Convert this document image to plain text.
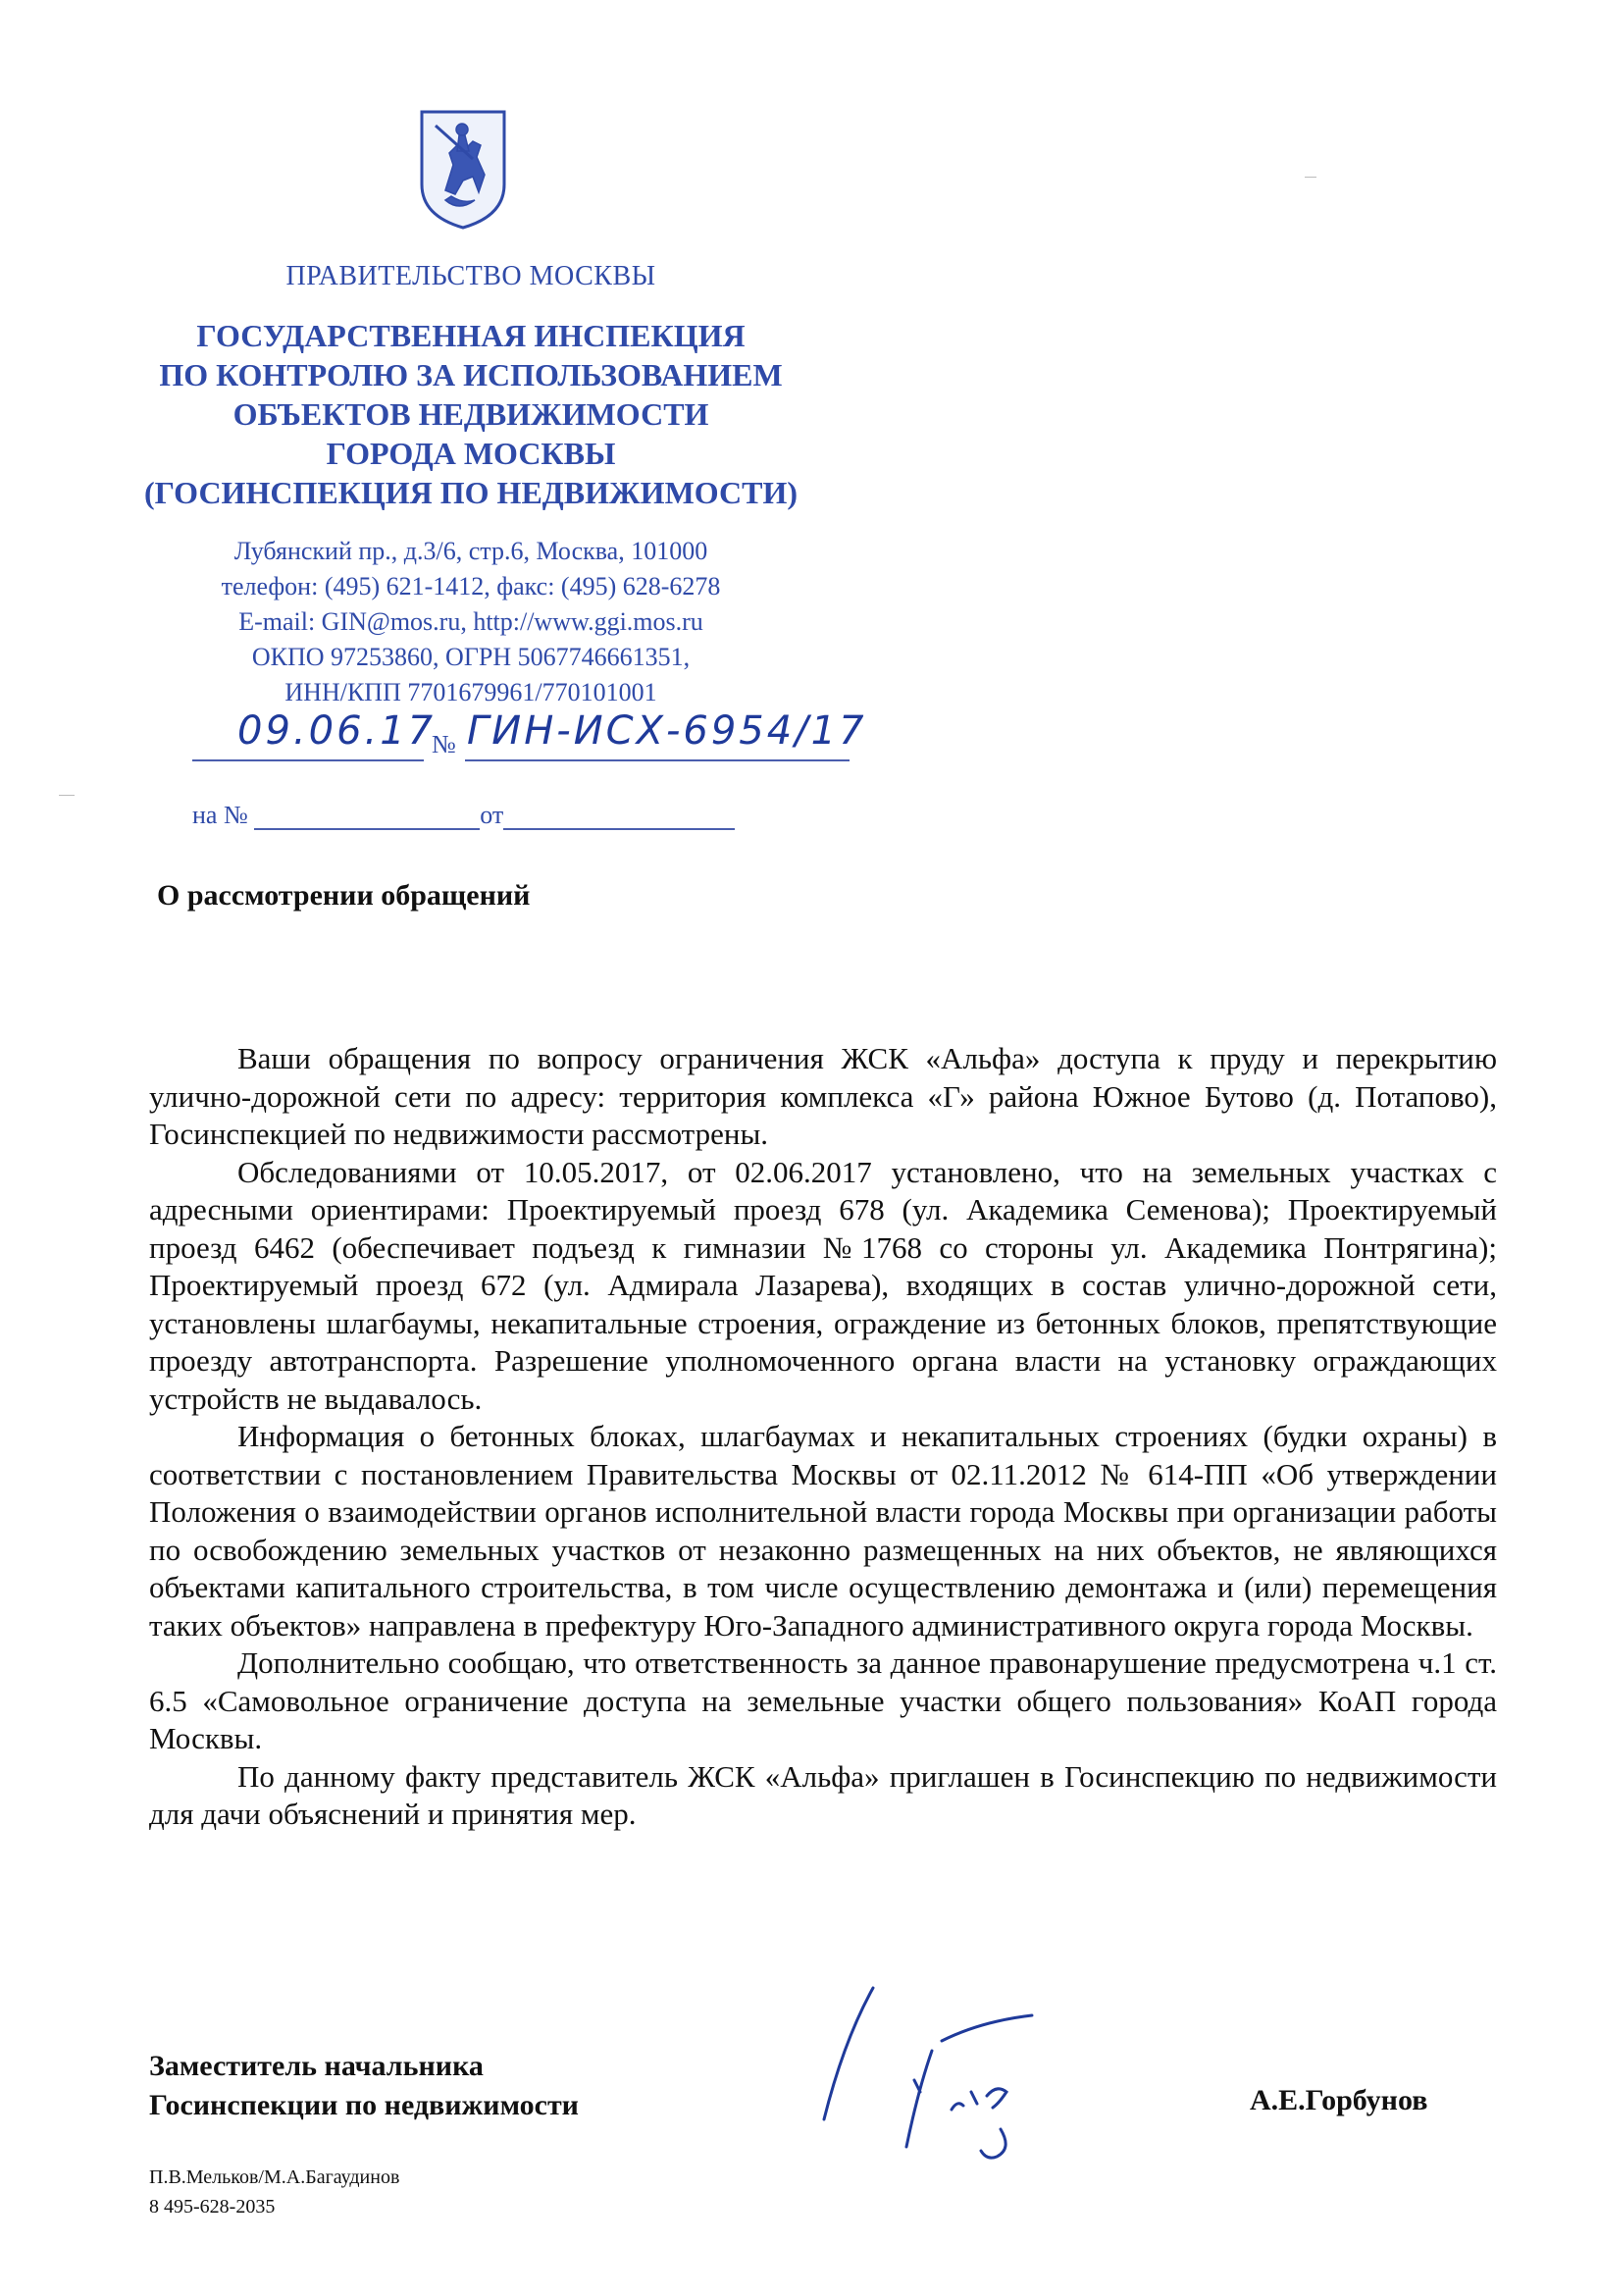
ПРАВИТЕЛЬСТВО МОСКВЫ
ГОСУДАРСТВЕННАЯ ИНСПЕКЦИЯ
ПО КОНТРОЛЮ ЗА ИСПОЛЬЗОВАНИЕМ
ОБЪЕКТОВ НЕДВИЖИМОСТИ
ГОРОДА МОСКВЫ
(ГОСИНСПЕКЦИЯ ПО НЕДВИЖИМОСТИ)
Лубянский пр., д.3/6, стр.6, Москва, 101000
телефон: (495) 621-1412, факс: (495) 628-6278
E-mail: GIN@mos.ru, http://www.ggi.mos.ru
ОКПО 97253860, ОГРН 5067746661351,
ИНН/КПП 7701679961/770101001
09.06.17
№ ГИН-ИСХ-6954/17
на №	от
О рассмотрении обращений

Ваши обращения по вопросу ограничения ЖСК «Альфа» доступа к пруду и перекрытию улично-дорожной сети по адресу: территория комплекса «Г» района Южное Бутово (д. Потапово), Госинспекцией по недвижимости рассмотрены.

Обследованиями от 10.05.2017, от 02.06.2017 установлено, что на земельных участках с адресными ориентирами: Проектируемый проезд 678 (ул. Академика Семенова); Проектируемый проезд 6462 (обеспечивает подъезд к гимназии №1768 со стороны ул. Академика Понтрягина); Проектируемый проезд 672 (ул. Адмирала Лазарева), входящих в состав улично-дорожной сети, установлены шлагбаумы, некапитальные строения, ограждение из бетонных блоков, препятствующие проезду автотранспорта. Разрешение уполномоченного органа власти на установку ограждающих устройств не выдавалось.

Информация о бетонных блоках, шлагбаумах и некапитальных строениях (будки охраны) в соответствии с постановлением Правительства Москвы от 02.11.2012 № 614-ПП «Об утверждении Положения о взаимодействии органов исполнительной власти города Москвы при организации работы по освобождению земельных участков от незаконно размещенных на них объектов, не являющихся объектами капитального строительства, в том числе осуществлению демонтажа и (или) перемещения таких объектов» направлена в префектуру Юго-Западного административного округа города Москвы.

Дополнительно сообщаю, что ответственность за данное правонарушение предусмотрена ч.1 ст. 6.5 «Самовольное ограничение доступа на земельные участки общего пользования» КоАП города Москвы.

По данному факту представитель ЖСК «Альфа» приглашен в Госинспекцию по недвижимости для дачи объяснений и принятия мер.

Заместитель начальника
Госинспекции по недвижимости	А.Е.Горбунов
П.В.Мельков/М.А.Багаудинов
8 495-628-2035
